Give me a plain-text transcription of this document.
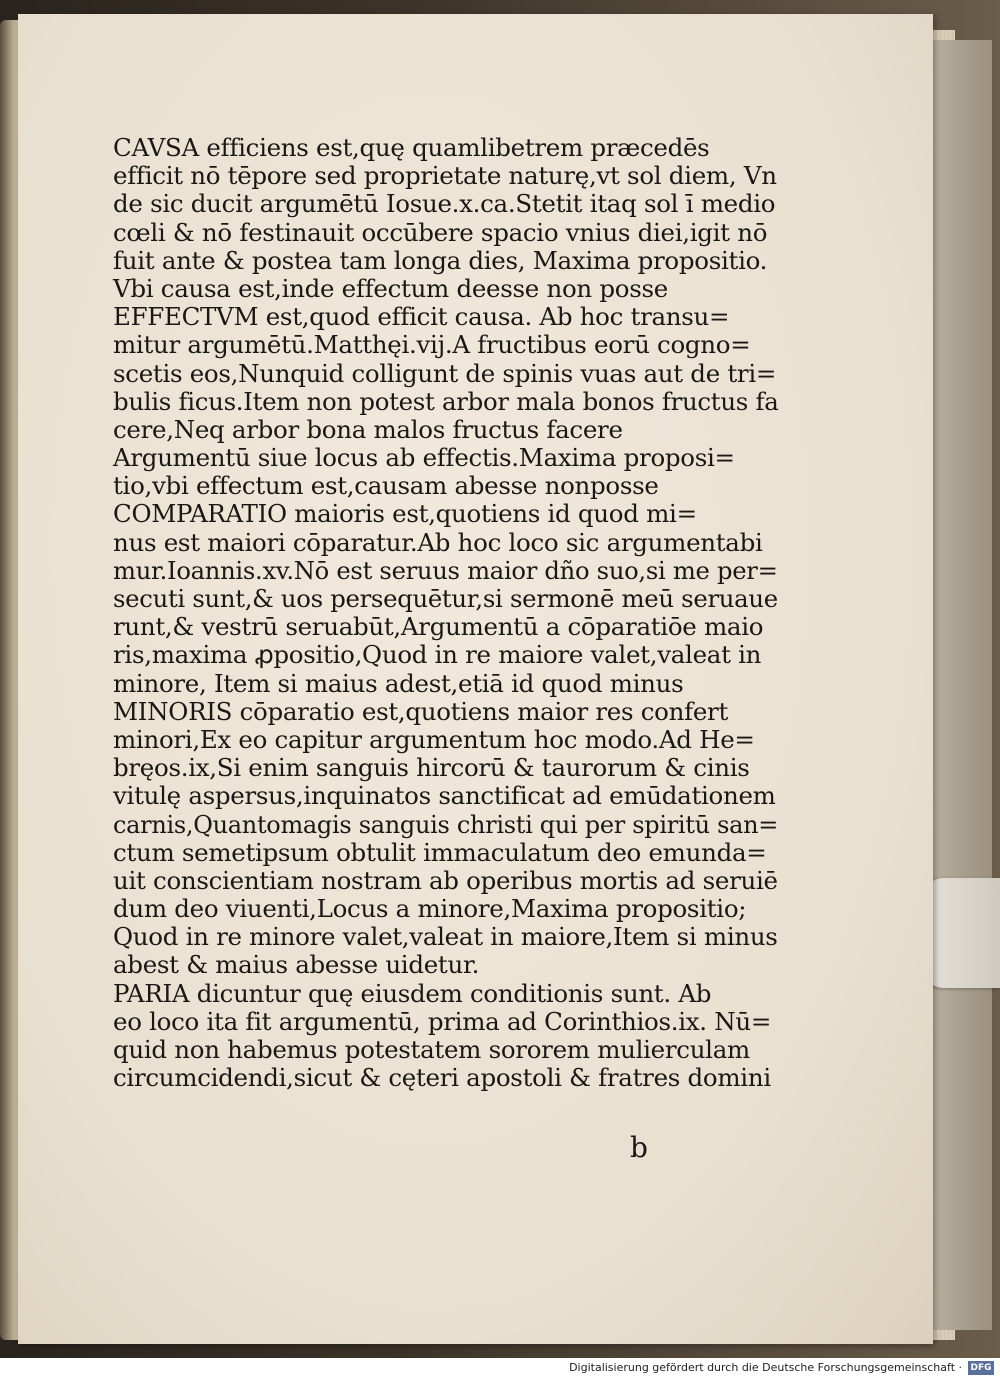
CAVSA efficiens est,quę quamlibetrem præcedēs
efficit nō tēpore sed proprietate naturę,vt sol diem, Vn
de sic ducit argumētū Iosue.x.ca.Stetit itaq sol ī medio
cœli & nō festinauit occūbere spacio vnius diei,igit nō
fuit ante & postea tam longa dies, Maxima propositio.
Vbi causa est,inde effectum deesse non posse
EFFECTVM est,quod efficit causa. Ab hoc transu=
mitur argumētū.Matthęi.vij.A fructibus eorū cogno=
scetis eos,Nunquid colligunt de spinis vuas aut de tri=
bulis ficus.Item non potest arbor mala bonos fructus fa
cere,Neq arbor bona malos fructus facere
Argumentū siue locus ab effectis.Maxima proposi=
tio,vbi effectum est,causam abesse nonposse
COMPARATIO maioris est,quotiens id quod mi=
nus est maiori cōparatur.Ab hoc loco sic argumentabi
mur.Ioannis.xv.Nō est seruus maior dño suo,si me per=
secuti sunt,& uos persequētur,si sermonē meū seruaue
runt,& vestrū seruabūt,Argumentū a cōparatiōe maio
ris,maxima ꝓpositio,Quod in re maiore valet,valeat in
minore, Item si maius adest,etiā id quod minus
MINORIS cōparatio est,quotiens maior res confert
minori,Ex eo capitur argumentum hoc modo.Ad He=
bręos.ix,Si enim sanguis hircorū & taurorum & cinis
vitulę aspersus,inquinatos sanctificat ad emūdationem
carnis,Quantomagis sanguis christi qui per spiritū san=
ctum semetipsum obtulit immaculatum deo emunda=
uit conscientiam nostram ab operibus mortis ad seruiē
dum deo viuenti,Locus a minore,Maxima propositio;
Quod in re minore valet,valeat in maiore,Item si minus
abest & maius abesse uidetur.
PARIA dicuntur quę eiusdem conditionis sunt. Ab
eo loco ita fit argumentū, prima ad Corinthios.ix. Nū=
quid non habemus potestatem sororem mulierculam
circumcidendi,sicut & cęteri apostoli & fratres domini
b
Digitalisierung gefördert durch die Deutsche Forschungsgemeinschaft · DFG
